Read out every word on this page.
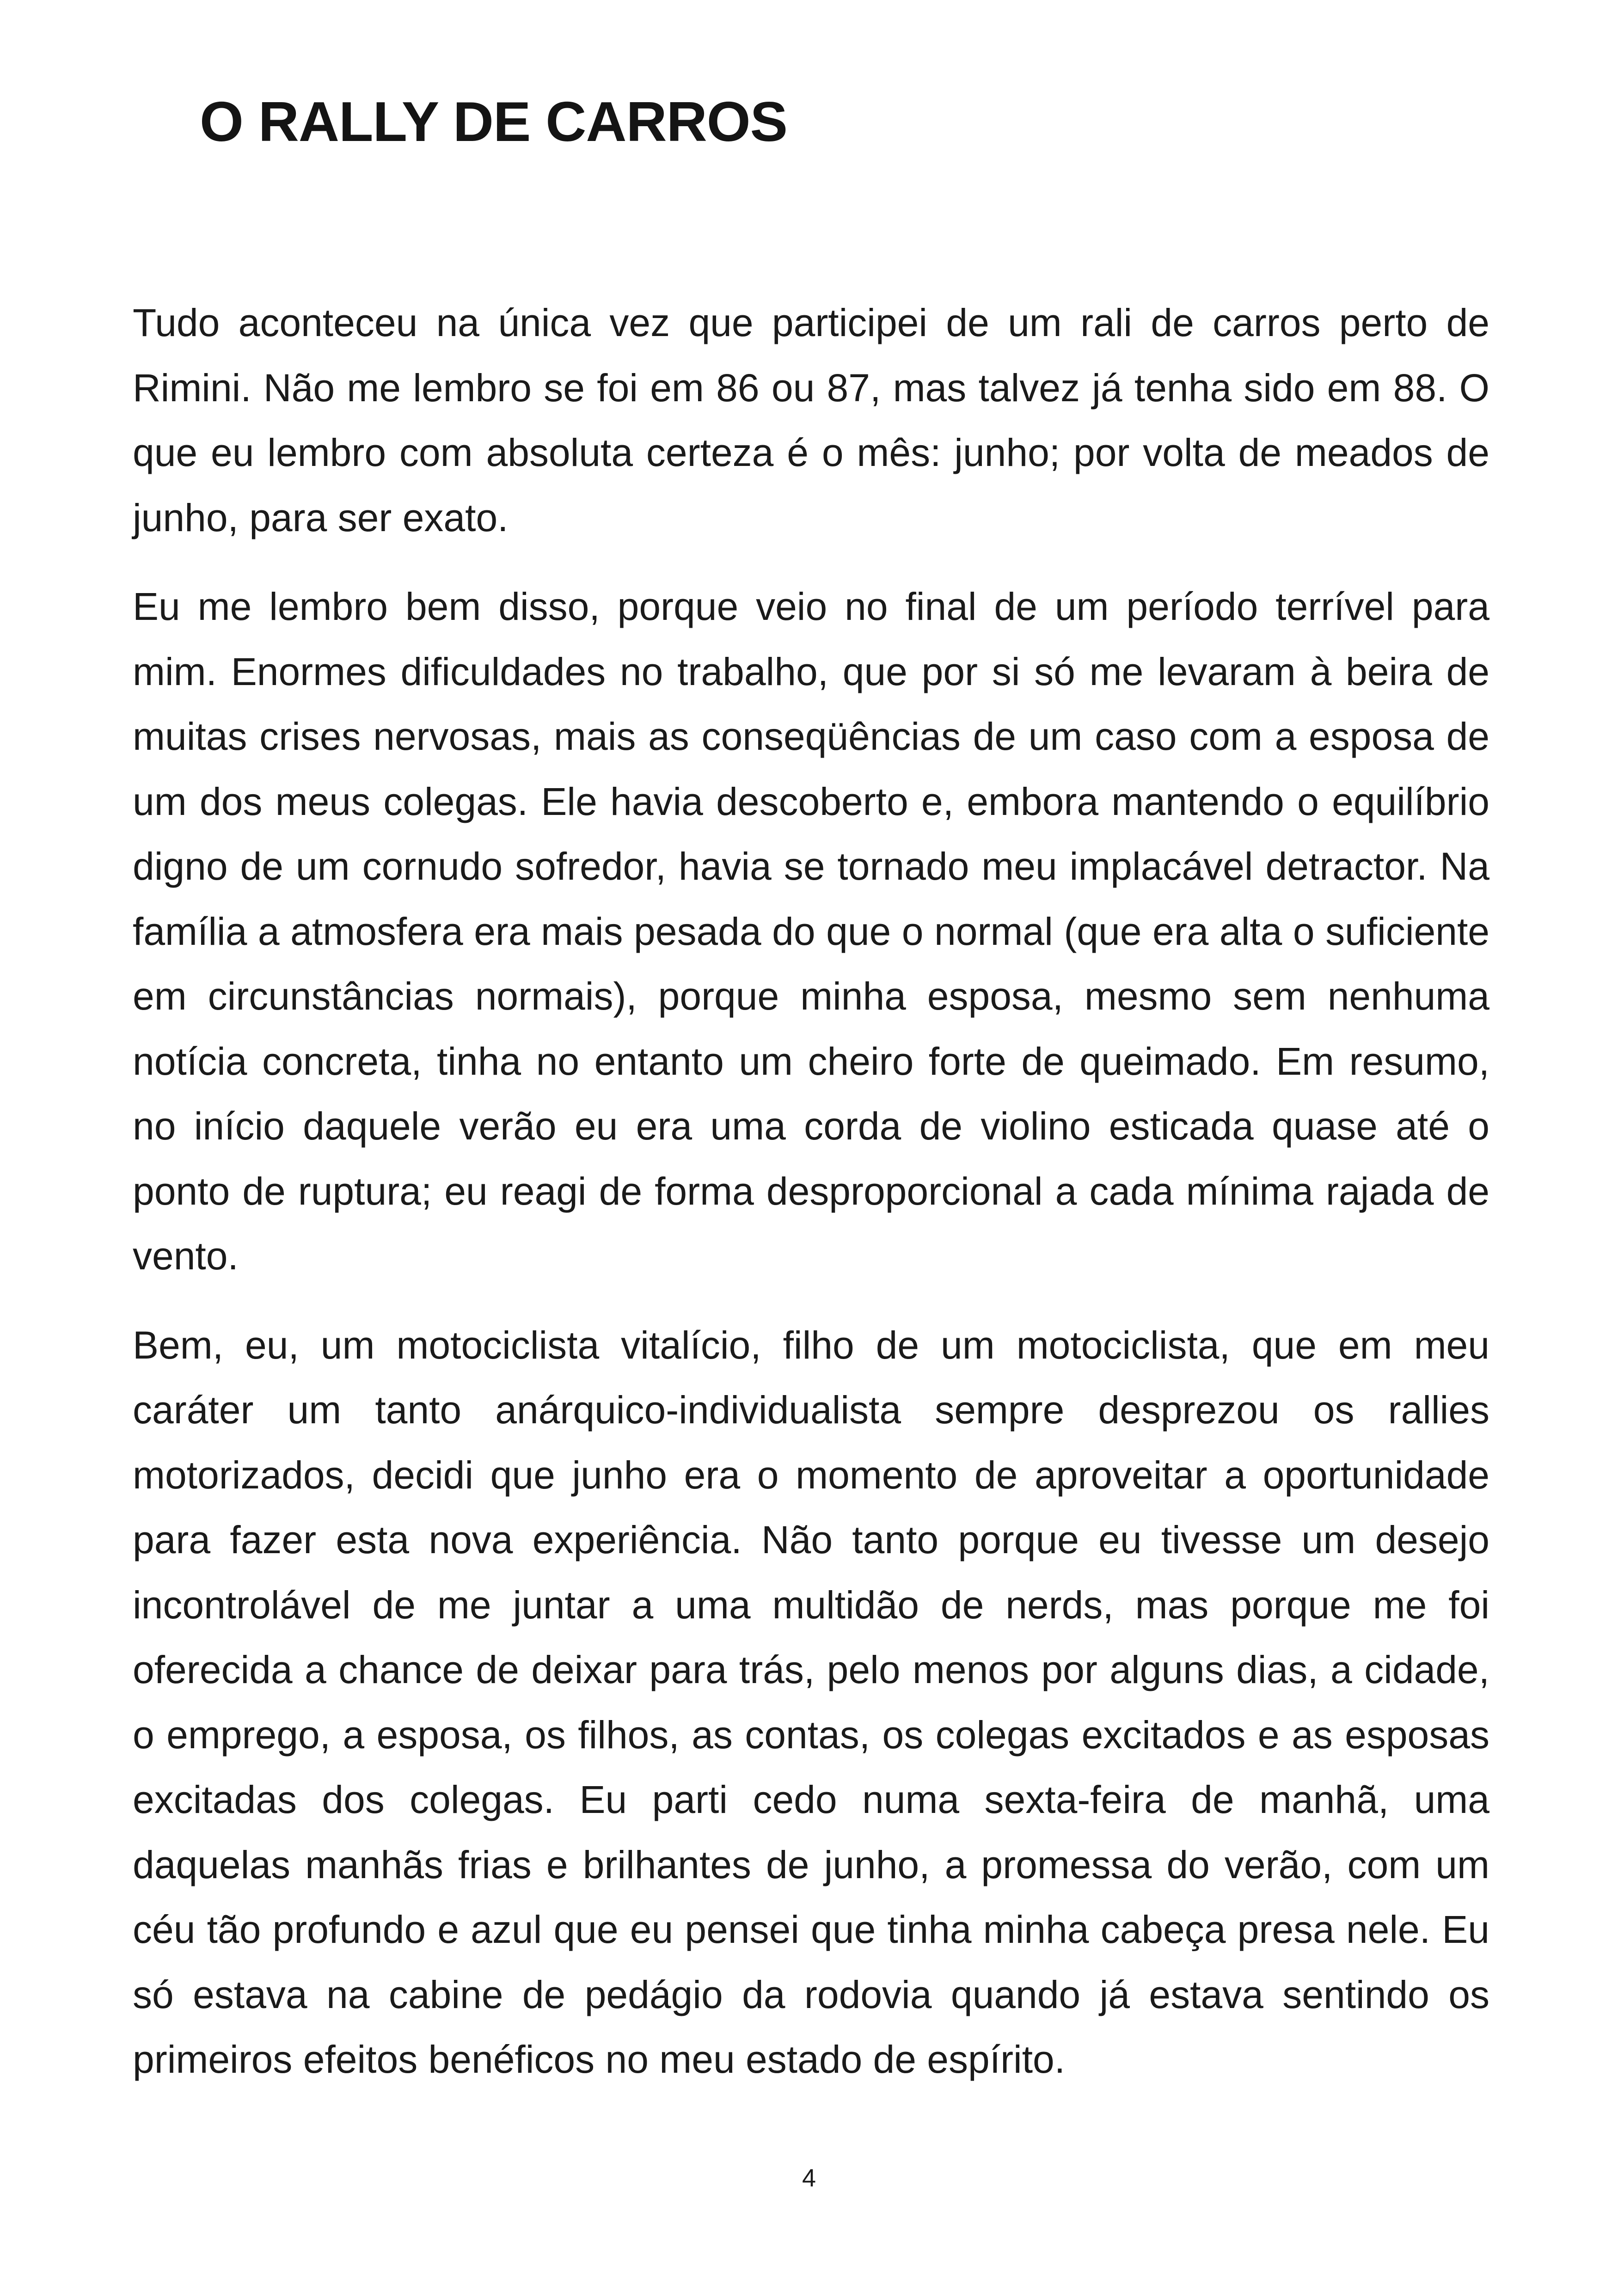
O RALLY DE CARROS

Tudo aconteceu na única vez que participei de um rali de carros perto de Rimini. Não me lembro se foi em 86 ou 87, mas talvez já tenha sido em 88. O que eu lembro com absoluta certeza é o mês: junho; por volta de meados de junho, para ser exato.

Eu me lembro bem disso, porque veio no final de um período terrível para mim. Enormes dificuldades no trabalho, que por si só me levaram à beira de muitas crises nervosas, mais as conseqüências de um caso com a esposa de um dos meus colegas. Ele havia descoberto e, embora mantendo o equilíbrio digno de um cornudo sofredor, havia se tornado meu implacável detractor. Na família a atmosfera era mais pesada do que o normal (que era alta o suficiente em circunstâncias normais), porque minha esposa, mesmo sem nenhuma notícia concreta, tinha no entanto um cheiro forte de queimado. Em resumo, no início daquele verão eu era uma corda de violino esticada quase até o ponto de ruptura; eu reagi de forma desproporcional a cada mínima rajada de vento.

Bem, eu, um motociclista vitalício, filho de um motociclista, que em meu caráter um tanto anárquico-individualista sempre desprezou os rallies motorizados, decidi que junho era o momento de aproveitar a oportunidade para fazer esta nova experiência. Não tanto porque eu tivesse um desejo incontrolável de me juntar a uma multidão de nerds, mas porque me foi oferecida a chance de deixar para trás, pelo menos por alguns dias, a cidade, o emprego, a esposa, os filhos, as contas, os colegas excitados e as esposas excitadas dos colegas. Eu parti cedo numa sexta-feira de manhã, uma daquelas manhãs frias e brilhantes de junho, a promessa do verão, com um céu tão profundo e azul que eu pensei que tinha minha cabeça presa nele. Eu só estava na cabine de pedágio da rodovia quando já estava sentindo os primeiros efeitos benéficos no meu estado de espírito.

4
